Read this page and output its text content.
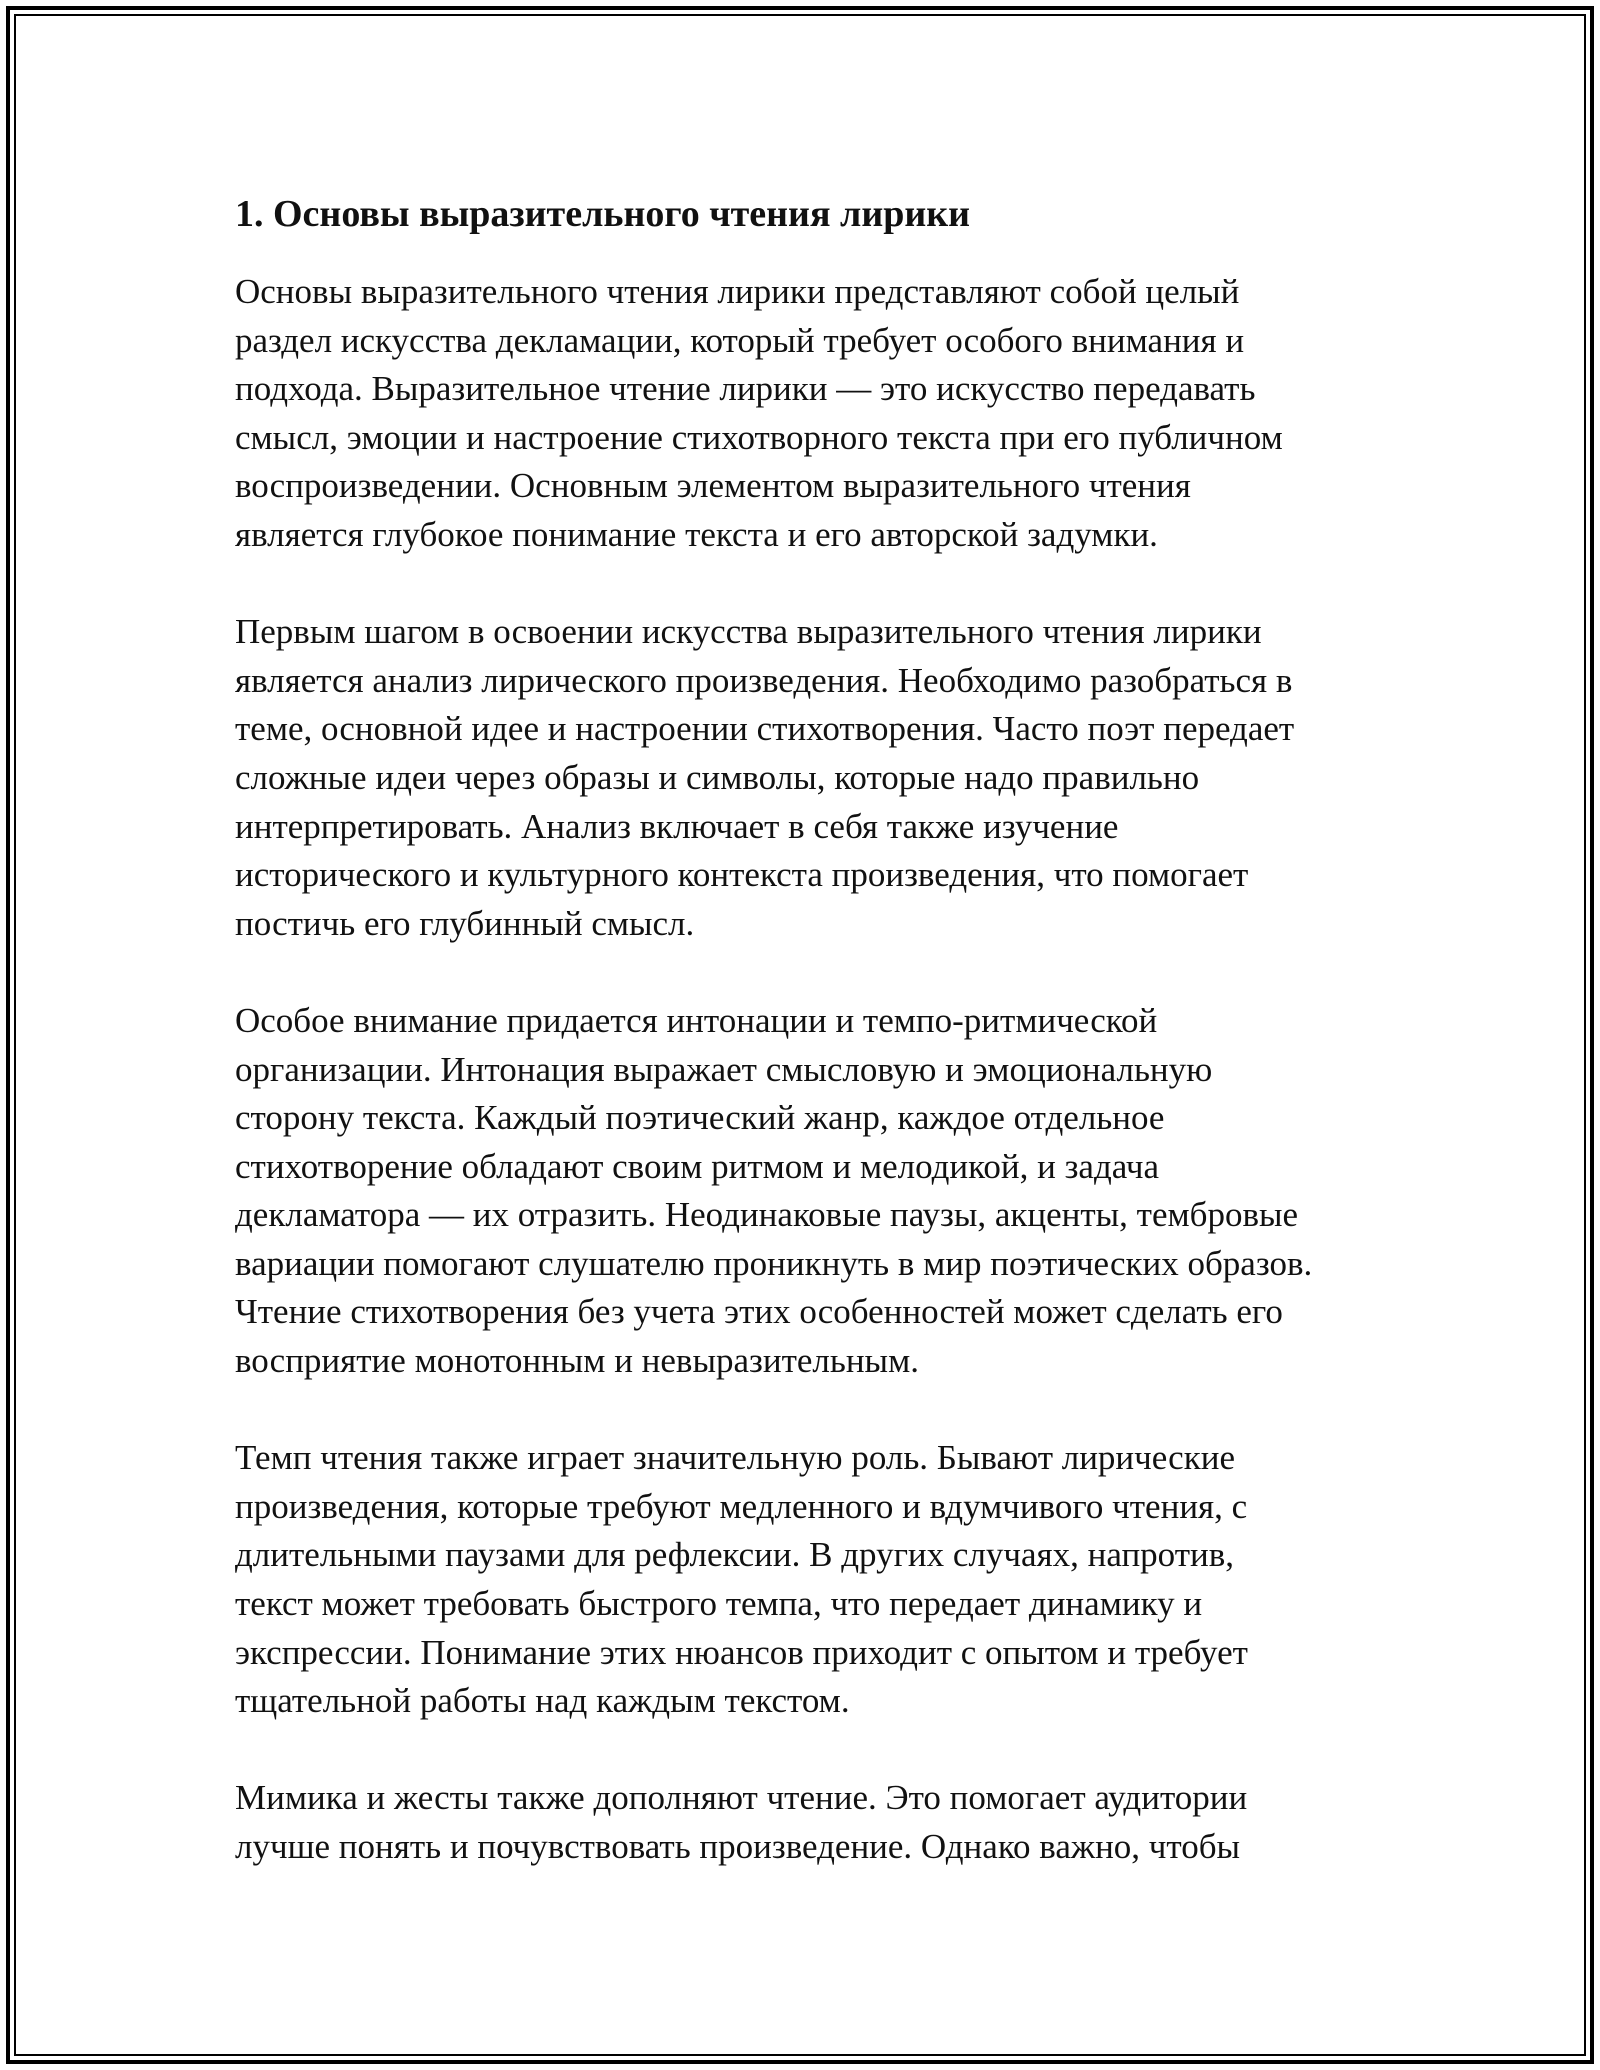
1. Основы выразительного чтения лирики
Основы выразительного чтения лирики представляют собой целый
раздел искусства декламации, который требует особого внимания и
подхода. Выразительное чтение лирики — это искусство передавать
смысл, эмоции и настроение стихотворного текста при его публичном
воспроизведении. Основным элементом выразительного чтения
является глубокое понимание текста и его авторской задумки.
Первым шагом в освоении искусства выразительного чтения лирики
является анализ лирического произведения. Необходимо разобраться в
теме, основной идее и настроении стихотворения. Часто поэт передает
сложные идеи через образы и символы, которые надо правильно
интерпретировать. Анализ включает в себя также изучение
исторического и культурного контекста произведения, что помогает
постичь его глубинный смысл.
Особое внимание придается интонации и темпо-ритмической
организации. Интонация выражает смысловую и эмоциональную
сторону текста. Каждый поэтический жанр, каждое отдельное
стихотворение обладают своим ритмом и мелодикой, и задача
декламатора — их отразить. Неодинаковые паузы, акценты, тембровые
вариации помогают слушателю проникнуть в мир поэтических образов.
Чтение стихотворения без учета этих особенностей может сделать его
восприятие монотонным и невыразительным.
Темп чтения также играет значительную роль. Бывают лирические
произведения, которые требуют медленного и вдумчивого чтения, с
длительными паузами для рефлексии. В других случаях, напротив,
текст может требовать быстрого темпа, что передает динамику и
экспрессии. Понимание этих нюансов приходит с опытом и требует
тщательной работы над каждым текстом.
Мимика и жесты также дополняют чтение. Это помогает аудитории
лучше понять и почувствовать произведение. Однако важно, чтобы
